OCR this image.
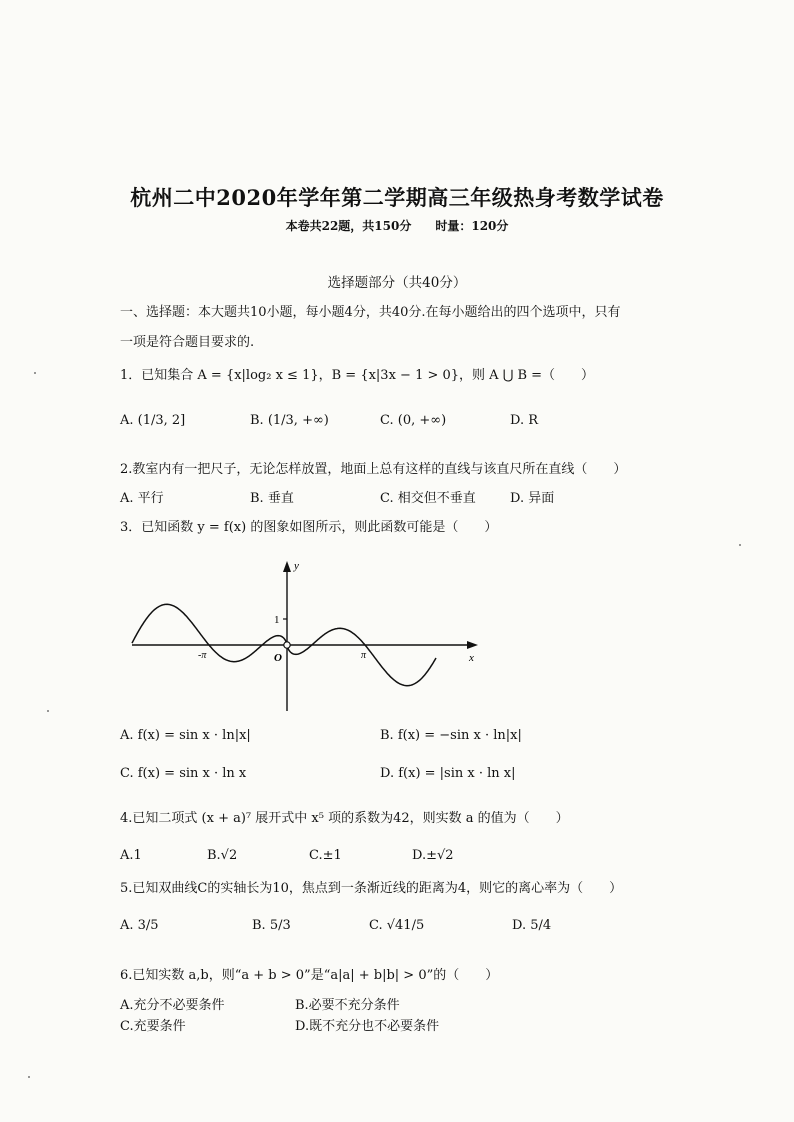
杭州二中2020年学年第二学期高三年级热身考数学试卷
本卷共22题，共150分　　时量：120分
选择题部分（共40分）
一、选择题：本大题共10小题，每小题4分，共40分.在每小题给出的四个选项中，只有
一项是符合题目要求的.
1．已知集合 A = {x|log₂ x ≤ 1}，B = {x|3x − 1 > 0}，则 A ⋃ B =（　　）
A. (1/3, 2]	B. (1/3, +∞)	C. (0, +∞)	D. R
2.教室内有一把尺子，无论怎样放置，地面上总有这样的直线与该直尺所在直线（　　）
A. 平行	B. 垂直	C. 相交但不垂直	D. 异面
3．已知函数 y = f(x) 的图象如图所示，则此函数可能是（　　）
y
x
1
O
-π	π
A. f(x) = sin x · ln|x|	B. f(x) = −sin x · ln|x|
C. f(x) = sin x · ln x	D. f(x) = |sin x · ln x|
4.已知二项式 (x + a)⁷ 展开式中 x⁵ 项的系数为42，则实数 a 的值为（　　）
A.1	B.√2	C.±1	D.±√2
5.已知双曲线C的实轴长为10，焦点到一条渐近线的距离为4，则它的离心率为（　　）
A. 3/5	B. 5/3	C. √41/5	D. 5/4
6.已知实数 a,b，则“a + b > 0”是“a|a| + b|b| > 0”的（　　）
A.充分不必要条件	B.必要不充分条件
C.充要条件	D.既不充分也不必要条件
